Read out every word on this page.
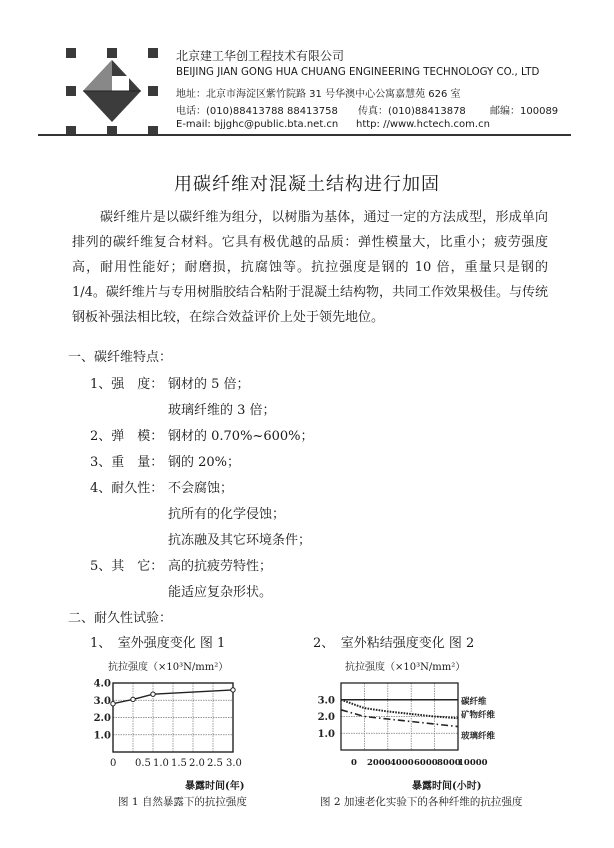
北京建工华创工程技术有限公司
BEIJING JIAN GONG HUA CHUANG ENGINEERING TECHNOLOGY CO., LTD
地址：北京市海淀区紫竹院路 31 号华澳中心公寓嘉慧苑 626 室
电话：(010)88413788 88413758 传真：(010)88413878 邮编：100089
E-mail: bjjghc@public.bta.net.cn http: //www.hctech.com.cn
用碳纤维对混凝土结构进行加固
碳纤维片是以碳纤维为组分，以树脂为基体，通过一定的方法成型，形成单向排列的碳纤维复合材料。它具有极优越的品质：弹性模量大，比重小；疲劳强度高，耐用性能好；耐磨损，抗腐蚀等。抗拉强度是钢的 10 倍，重量只是钢的 1/4。碳纤维片与专用树脂胶结合粘附于混凝土结构物，共同工作效果极佳。与传统钢板补强法相比较，在综合效益评价上处于领先地位。
一、碳纤维特点：
1、强　度： 钢材的 5 倍；
玻璃纤维的 3 倍；
2、弹　模： 钢材的 0.70%~600%；
3、重　量： 钢的 20%；
4、耐久性： 不会腐蚀；
抗所有的化学侵蚀；
抗冻融及其它环境条件；
5、其　它： 高的抗疲劳特性；
能适应复杂形状。
二、耐久性试验：
1、　室外强度变化 图 1	2、　室外粘结强度变化 图 2
抗拉强度（×10³N/mm²）
1.0
2.0
3.0
4.0
0 0.5 1.0 1.5 2.0 2.5 3.0
暴露时间(年)
图 1 自然暴露下的抗拉强度
抗拉强度（×10³N/mm²）
1.0
2.0
3.0	碳纤维
矿物纤维
玻璃纤维
0 2000 4000 6000 8000
10000
暴露时间(小时)
图 2 加速老化实验下的各种纤维的抗拉强度
